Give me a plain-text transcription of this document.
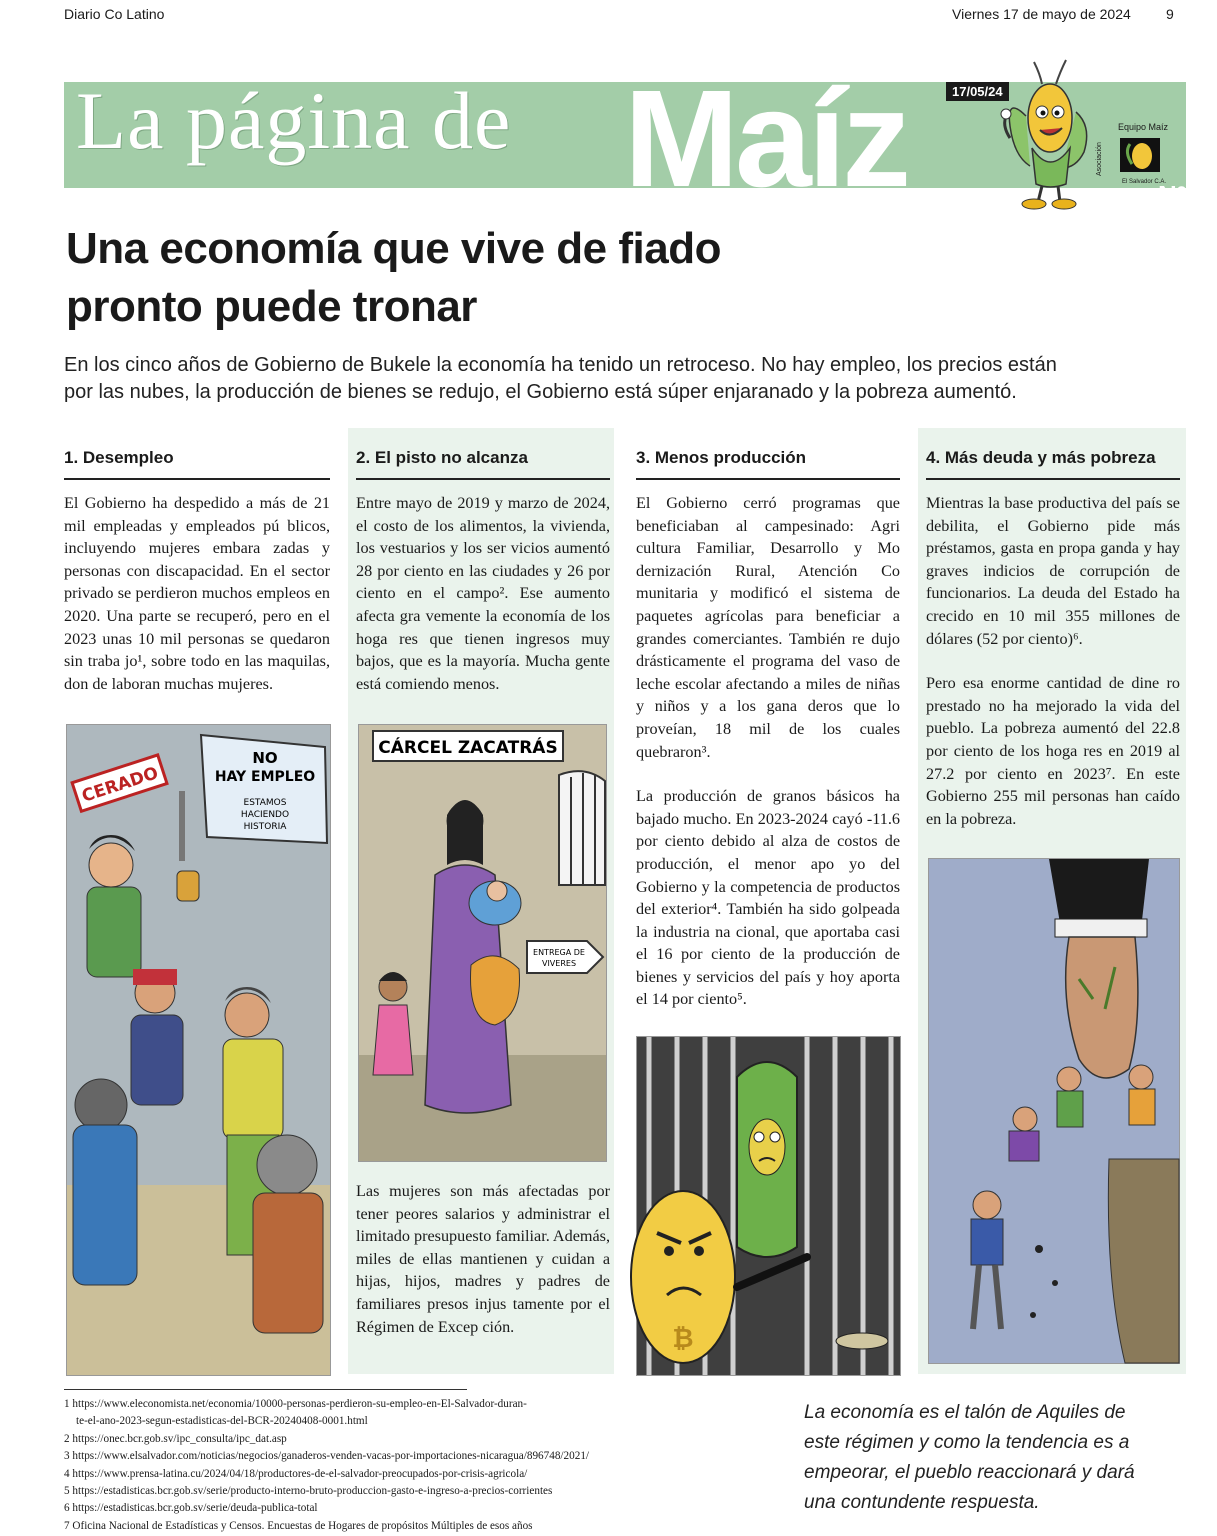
Diario Co Latino	Viernes 17 de mayo de 2024	9
La página de Maíz	Nº 964
17/05/24
Equipo Maíz
Asociación
El Salvador C.A.
Una economía que vive de fiado
pronto puede tronar
En los cinco años de Gobierno de Bukele la economía ha tenido un retroceso. No hay empleo, los precios están
por las nubes, la producción de bienes se redujo, el Gobierno está súper enjaranado y la pobreza aumentó.
1. Desempleo

El Gobierno ha despedido a más de 21 mil empleadas y empleados pú blicos, incluyendo mujeres embara zadas y personas con discapacidad. En el sector privado se perdieron muchos empleos en 2020. Una parte se recuperó, pero en el 2023 unas 10 mil personas se quedaron sin traba jo¹, sobre todo en las maquilas, don de laboran muchas mujeres.

CERADO
NO
HAY EMPLEO
ESTAMOS
HACIENDO
HISTORIA
2. El pisto no alcanza

Entre mayo de 2019 y marzo de 2024, el costo de los alimentos, la vivienda, los vestuarios y los ser vicios aumentó 28 por ciento en las ciudades y 26 por ciento en el campo². Ese aumento afecta gra vemente la economía de los hoga res que tienen ingresos muy bajos, que es la mayoría. Mucha gente está comiendo menos.

CÁRCEL ZACATRÁS
ENTREGA DE
VIVERES

Las mujeres son más afectadas por tener peores salarios y administrar el limitado presupuesto familiar. Además, miles de ellas mantienen y cuidan a hijas, hijos, madres y padres de familiares presos injus tamente por el Régimen de Excep ción.

3. Menos producción

El Gobierno cerró programas que beneficiaban al campesinado: Agri cultura Familiar, Desarrollo y Mo dernización Rural, Atención Co munitaria y modificó el sistema de paquetes agrícolas para beneficiar a grandes comerciantes. También re dujo drásticamente el programa del vaso de leche escolar afectando a miles de niñas y niños y a los gana deros que lo proveían, 18 mil de los cuales quebraron³.

La producción de granos básicos ha bajado mucho. En 2023-2024 cayó -11.6 por ciento debido al alza de costos de producción, el menor apo yo del Gobierno y la competencia de productos del exterior⁴. También ha sido golpeada la industria na cional, que aportaba casi el 16 por ciento de la producción de bienes y servicios del país y hoy aporta el 14 por ciento⁵.

₿
4. Más deuda y más pobreza

Mientras la base productiva del país se debilita, el Gobierno pide más préstamos, gasta en propa ganda y hay graves indicios de corrupción de funcionarios. La deuda del Estado ha crecido en 10 mil 355 millones de dólares (52 por ciento)⁶.

Pero esa enorme cantidad de dine ro prestado no ha mejorado la vida del pueblo. La pobreza aumentó del 22.8 por ciento de los hoga res en 2019 al 27.2 por ciento en 2023⁷. En este Gobierno 255 mil personas han caído en la pobreza.

1 https://www.eleconomista.net/economia/10000-personas-perdieron-su-empleo-en-El-Salvador-duran-
te-el-ano-2023-segun-estadisticas-del-BCR-20240408-0001.html
2 https://onec.bcr.gob.sv/ipc_consulta/ipc_dat.asp
3 https://www.elsalvador.com/noticias/negocios/ganaderos-venden-vacas-por-importaciones-nicaragua/896748/2021/
4 https://www.prensa-latina.cu/2024/04/18/productores-de-el-salvador-preocupados-por-crisis-agricola/
5 https://estadisticas.bcr.gob.sv/serie/producto-interno-bruto-produccion-gasto-e-ingreso-a-precios-corrientes
6 https://estadisticas.bcr.gob.sv/serie/deuda-publica-total
7 Oficina Nacional de Estadísticas y Censos. Encuestas de Hogares de propósitos Múltiples de esos años
La economía es el talón de Aquiles de
este régimen y como la tendencia es a
empeorar, el pueblo reaccionará y dará
una contundente respuesta.
